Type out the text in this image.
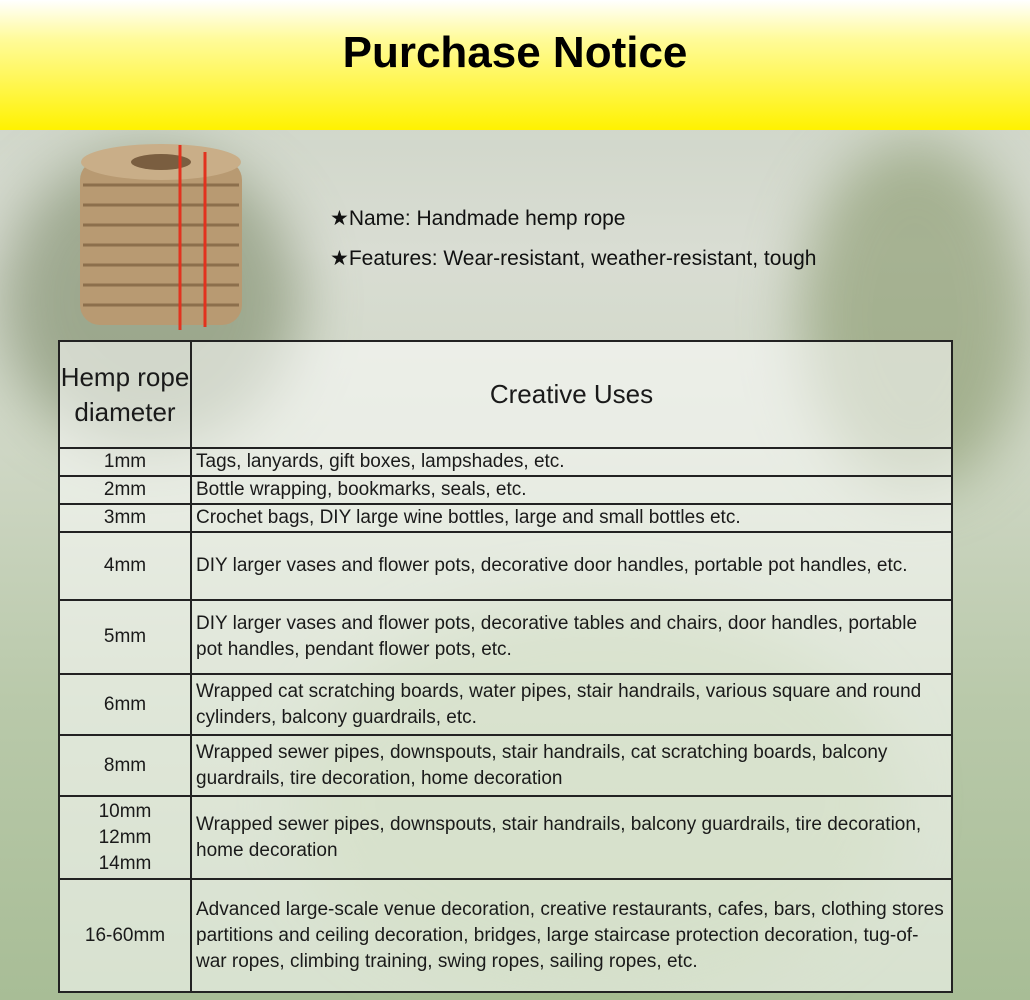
Purchase Notice
★Name: Handmade hemp rope
★Features: Wear-resistant, weather-resistant, tough
Hemp rope diameter	Creative Uses
1mm	Tags, lanyards, gift boxes, lampshades, etc.
2mm	Bottle wrapping, bookmarks, seals, etc.
3mm	Crochet bags, DIY large wine bottles, large and small bottles etc.
4mm	DIY larger vases and flower pots, decorative door handles, portable pot handles, etc.
5mm	DIY larger vases and flower pots, decorative tables and chairs, door handles, portable pot handles, pendant flower pots, etc.
6mm	Wrapped cat scratching boards, water pipes, stair handrails, various square and round cylinders, balcony guardrails, etc.
8mm	Wrapped sewer pipes, downspouts, stair handrails, cat scratching boards, balcony guardrails, tire decoration, home decoration
10mm 12mm 14mm	Wrapped sewer pipes, downspouts, stair handrails, balcony guardrails, tire decoration, home decoration
16-60mm	Advanced large-scale venue decoration, creative restaurants, cafes, bars, clothing stores partitions and ceiling decoration, bridges, large staircase protection decoration, tug-of-war ropes, climbing training, swing ropes, sailing ropes, etc.
